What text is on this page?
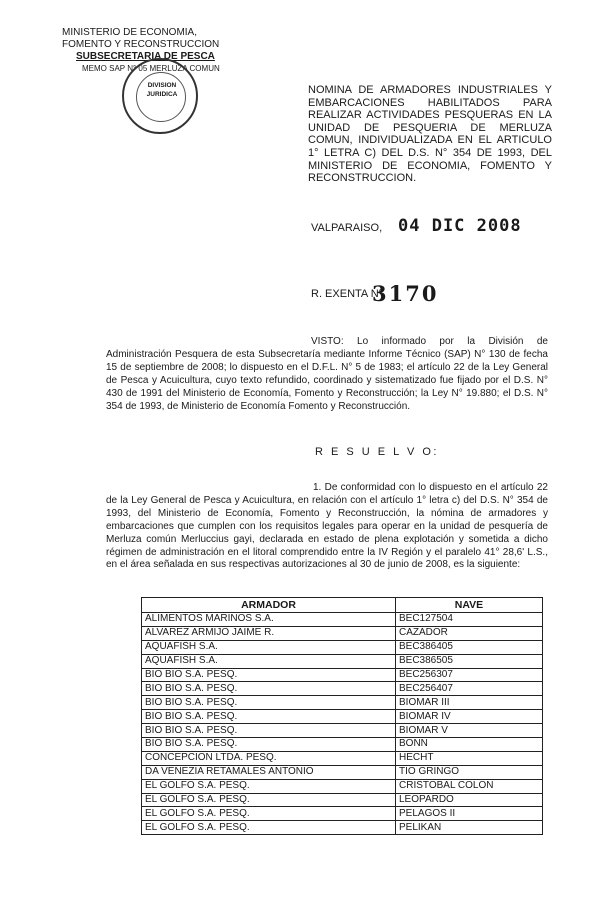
MINISTERIO DE ECONOMIA,
FOMENTO Y RECONSTRUCCION
SUBSECRETARIA DE PESCA
MEMO SAP N° 05 MERLUZA COMUN
DIVISION
JURIDICA	NOMINA DE ARMADORES INDUSTRIALES Y EMBARCACIONES HABILITADOS PARA REALIZAR ACTIVIDADES PESQUERAS EN LA UNIDAD DE PESQUERIA DE MERLUZA COMUN, INDIVIDUALIZADA EN EL ARTICULO 1° LETRA C) DEL D.S. N° 354 DE 1993, DEL MINISTERIO DE ECONOMIA, FOMENTO Y RECONSTRUCCION.
VALPARAISO, 04 DIC 2008
R. EXENTA N°
3170
VISTO: Lo informado por la División de Administración Pesquera de esta Subsecretaría mediante Informe Técnico (SAP) N° 130 de fecha 15 de septiembre de 2008; lo dispuesto en el D.F.L. N° 5 de 1983; el artículo 22 de la Ley General de Pesca y Acuicultura, cuyo texto refundido, coordinado y sistematizado fue fijado por el D.S. N° 430 de 1991 del Ministerio de Economía, Fomento y Reconstrucción; la Ley N° 19.880; el D.S. N° 354 de 1993, de Ministerio de Economía Fomento y Reconstrucción.
R E S U E L V O:
1. De conformidad con lo dispuesto en el artículo 22 de la Ley General de Pesca y Acuicultura, en relación con el artículo 1° letra c) del D.S. N° 354 de 1993, del Ministerio de Economía, Fomento y Reconstrucción, la nómina de armadores y embarcaciones que cumplen con los requisitos legales para operar en la unidad de pesquería de Merluza común Merluccius gayi, declarada en estado de plena explotación y sometida a dicho régimen de administración en el litoral comprendido entre la IV Región y el paralelo 41° 28,6' L.S., en el área señalada en sus respectivas autorizaciones al 30 de junio de 2008, es la siguiente:
ARMADOR	NAVE
ALIMENTOS MARINOS S.A.	BEC127504
ALVAREZ ARMIJO JAIME R.	CAZADOR
AQUAFISH S.A.	BEC386405
AQUAFISH S.A.	BEC386505
BIO BIO S.A. PESQ.	BEC256307
BIO BIO S.A. PESQ.	BEC256407
BIO BIO S.A. PESQ.	BIOMAR III
BIO BIO S.A. PESQ.	BIOMAR IV
BIO BIO S.A. PESQ.	BIOMAR V
BIO BIO S.A. PESQ.	BONN
CONCEPCION LTDA. PESQ.	HECHT
DA VENEZIA RETAMALES ANTONIO	TIO GRINGO
EL GOLFO S.A. PESQ.	CRISTOBAL COLON
EL GOLFO S.A. PESQ.	LEOPARDO
EL GOLFO S.A. PESQ.	PELAGOS II
EL GOLFO S.A. PESQ.	PELIKAN
